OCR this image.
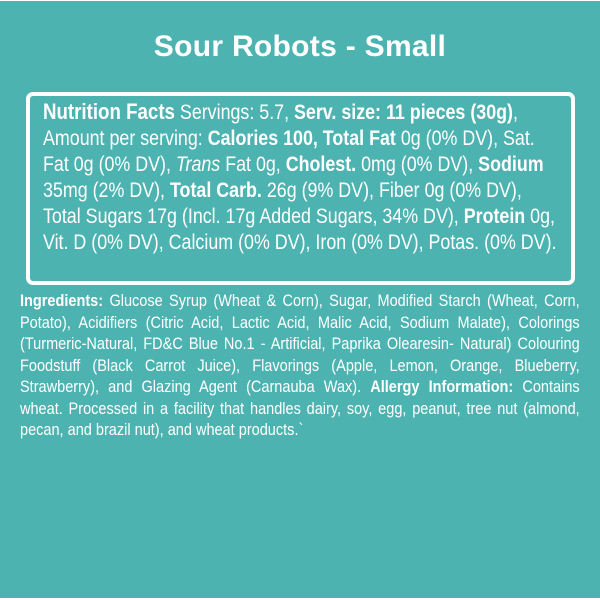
Sour Robots - Small
Nutrition Facts Servings: 5.7, Serv. size: 11 pieces (30g), Amount per serving: Calories 100, Total Fat 0g (0% DV), Sat. Fat 0g (0% DV), Trans Fat 0g, Cholest. 0mg (0% DV), Sodium 35mg (2% DV), Total Carb. 26g (9% DV), Fiber 0g (0% DV), Total Sugars 17g (Incl. 17g Added Sugars, 34% DV), Protein 0g, Vit. D (0% DV), Calcium (0% DV), Iron (0% DV), Potas. (0% DV).

Ingredients: Glucose Syrup (Wheat & Corn), Sugar, Modified Starch (Wheat, Corn, Potato), Acidifiers (Citric Acid, Lactic Acid, Malic Acid, Sodium Malate), Colorings (Turmeric-Natural, FD&C Blue No.1 - Artificial, Paprika Olearesin- Natural) Colouring Foodstuff (Black Carrot Juice), Flavorings (Apple, Lemon, Orange, Blueberry, Strawberry), and Glazing Agent (Carnauba Wax). Allergy Information: Contains wheat. Processed in a facility that handles dairy, soy, egg, peanut, tree nut (almond, pecan, and brazil nut), and wheat products.`
